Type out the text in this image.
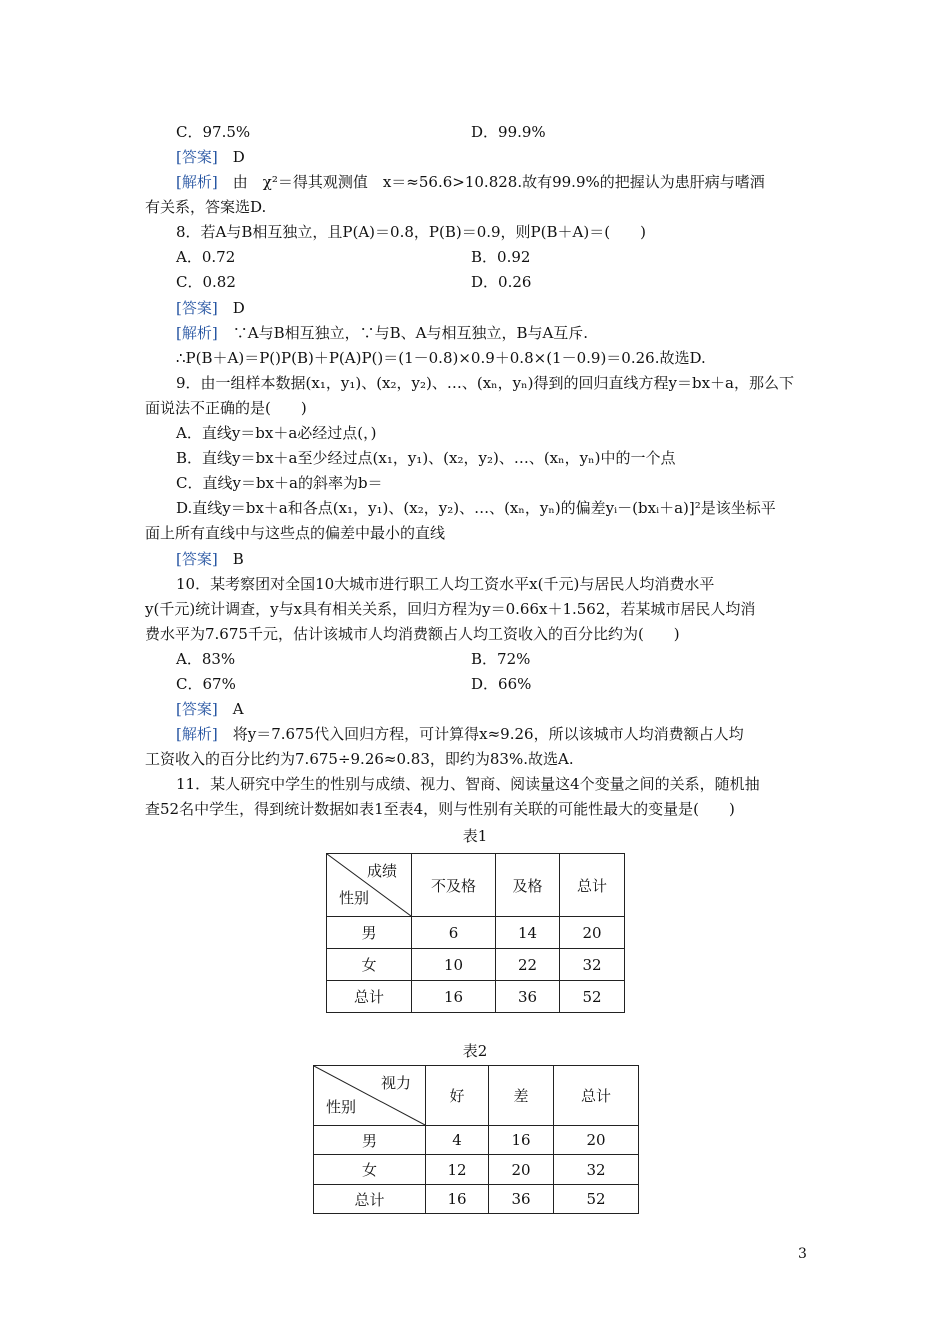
C．97.5%	D．99.9%
[答案]　 D
[解析]　 由　χ²＝得其观测值　x＝≈56.6>10.828.故有99.9%的把握认为患肝病与嗜酒
有关系，答案选D.
8．若A与B相互独立，且P(A)＝0.8，P(B)＝0.9，则P(B＋A)＝(　　)
A．0.72	B．0.92
C．0.82	D．0.26
[答案]　 D
[解析]　 ∵A与B相互独立，∵与B、A与相互独立，B与A互斥.
∴P(B＋A)＝P()P(B)＋P(A)P()＝(1－0.8)×0.9＋0.8×(1－0.9)＝0.26.故选D.
9．由一组样本数据(x₁，y₁)、(x₂，y₂)、…、(xₙ，yₙ)得到的回归直线方程y＝bx＋a，那么下
面说法不正确的是(　　)
A．直线y＝bx＋a必经过点(，)
B．直线y＝bx＋a至少经过点(x₁，y₁)、(x₂，y₂)、…、(xₙ，yₙ)中的一个点
C．直线y＝bx＋a的斜率为b＝
D.直线y＝bx＋a和各点(x₁，y₁)、(x₂，y₂)、…、(xₙ，yₙ)的偏差yᵢ－(bxᵢ＋a)]²是该坐标平
面上所有直线中与这些点的偏差中最小的直线
[答案]　 B
10．某考察团对全国10大城市进行职工人均工资水平x(千元)与居民人均消费水平
y(千元)统计调查，y与x具有相关关系，回归方程为y＝0.66x＋1.562，若某城市居民人均消
费水平为7.675千元，估计该城市人均消费额占人均工资收入的百分比约为(　　)
A．83%	B．72%
C．67%	D．66%
[答案]　 A
[解析]　 将y＝7.675代入回归方程，可计算得x≈9.26，所以该城市人均消费额占人均
工资收入的百分比约为7.675÷9.26≈0.83，即约为83%.故选A.
11．某人研究中学生的性别与成绩、视力、智商、阅读量这4个变量之间的关系，随机抽
查52名中学生，得到统计数据如表1至表4，则与性别有关联的可能性最大的变量是(　　)
表1
成绩
性别	不及格	及格	总计
男	6	14	20
女	10	22	32
总计	16	36	52
表2
视力
性别	好	差	总计
男	4	16	20
女	12	20	32
总计	16	36	52
3
